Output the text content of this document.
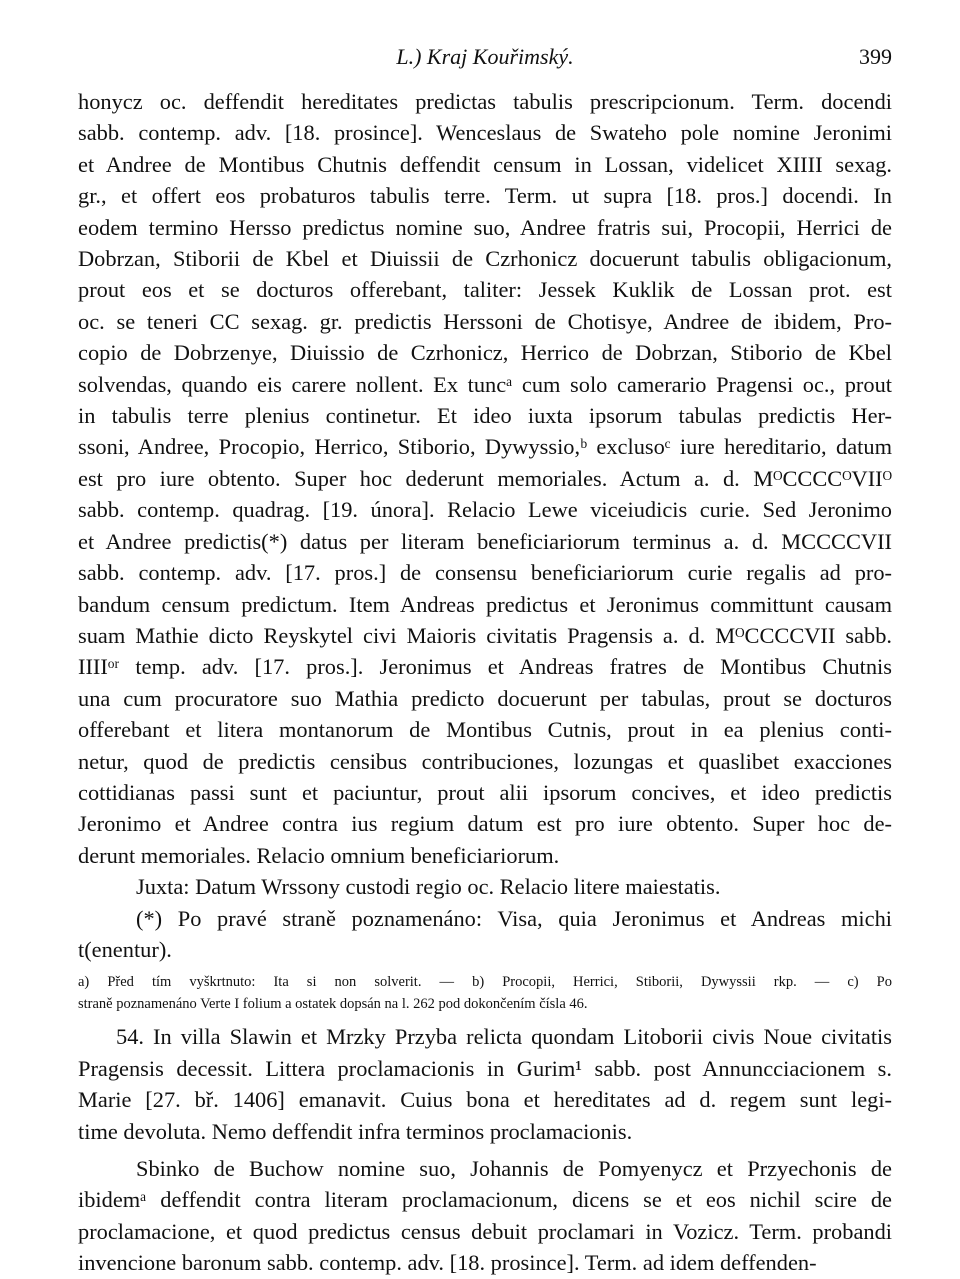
L.) Kraj Kouřimský.	399
honycz oc. deffendit hereditates predictas tabulis prescripcionum. Term. docendi
sabb. contemp. adv. [18. prosince]. Wenceslaus de Swateho pole nomine Jeronimi
et Andree de Montibus Chutnis deffendit censum in Lossan, videlicet XIIII sexag.
gr., et offert eos probaturos tabulis terre. Term. ut supra [18. pros.] docendi. In
eodem termino Hersso predictus nomine suo, Andree fratris sui, Procopii, Herrici de
Dobrzan, Stiborii de Kbel et Diuissii de Czrhonicz docuerunt tabulis obligacionum,
prout eos et se docturos offerebant, taliter: Jessek Kuklik de Lossan prot. est
oc. se teneri CC sexag. gr. predictis Herssoni de Chotisye, Andree de ibidem, Pro-
copio de Dobrzenye, Diuissio de Czrhonicz, Herrico de Dobrzan, Stiborio de Kbel
solvendas, quando eis carere nollent. Ex tuncᵃ cum solo camerario Pragensi oc., prout
in tabulis terre plenius continetur. Et ideo iuxta ipsorum tabulas predictis Her-
ssoni, Andree, Procopio, Herrico, Stiborio, Dywyssio,ᵇ exclusoᶜ iure hereditario, datum
est pro iure obtento. Super hoc dederunt memoriales. Actum a. d. MᴼCCCCᴼVIIᴼ
sabb. contemp. quadrag. [19. února]. Relacio Lewe viceiudicis curie. Sed Jeronimo
et Andree predictis(*) datus per literam beneficiariorum terminus a. d. MCCCCVII
sabb. contemp. adv. [17. pros.] de consensu beneficiariorum curie regalis ad pro-
bandum censum predictum. Item Andreas predictus et Jeronimus committunt causam
suam Mathie dicto Reyskytel civi Maioris civitatis Pragensis a. d. MᴼCCCCVII sabb.
IIIIᵒʳ temp. adv. [17. pros.]. Jeronimus et Andreas fratres de Montibus Chutnis
una cum procuratore suo Mathia predicto docuerunt per tabulas, prout se docturos
offerebant et litera montanorum de Montibus Cutnis, prout in ea plenius conti-
netur, quod de predictis censibus contribuciones, lozungas et quaslibet exacciones
cottidianas passi sunt et paciuntur, prout alii ipsorum concives, et ideo predictis
Jeronimo et Andree contra ius regium datum est pro iure obtento. Super hoc de-
derunt memoriales. Relacio omnium beneficiariorum.
Juxta: Datum Wrssony custodi regio oc. Relacio litere maiestatis.
(*) Po pravé straně poznamenáno: Visa, quia Jeronimus et Andreas michi
t(enentur).
a) Před tím vyškrtnuto: Ita si non solverit. — b) Procopii, Herrici, Stiborii, Dywyssii rkp. — c) Po
straně poznamenáno Verte I folium a ostatek dopsán na l. 262 pod dokončením čísla 46.
54. In villa Slawin et Mrzky Przyba relicta quondam Litoborii civis Noue civitatis
Pragensis decessit. Littera proclamacionis in Gurim¹ sabb. post Annuncciacionem s.
Marie [27. bř. 1406] emanavit. Cuius bona et hereditates ad d. regem sunt legi-
time devoluta. Nemo deffendit infra terminos proclamacionis.
Sbinko de Buchow nomine suo, Johannis de Pomyenycz et Przyechonis de
ibidemᵃ deffendit contra literam proclamacionum, dicens se et eos nichil scire de
proclamacione, et quod predictus census debuit proclamari in Vozicz. Term. probandi
invencione baronum sabb. contemp. adv. [18. prosince]. Term. ad idem deffenden-
